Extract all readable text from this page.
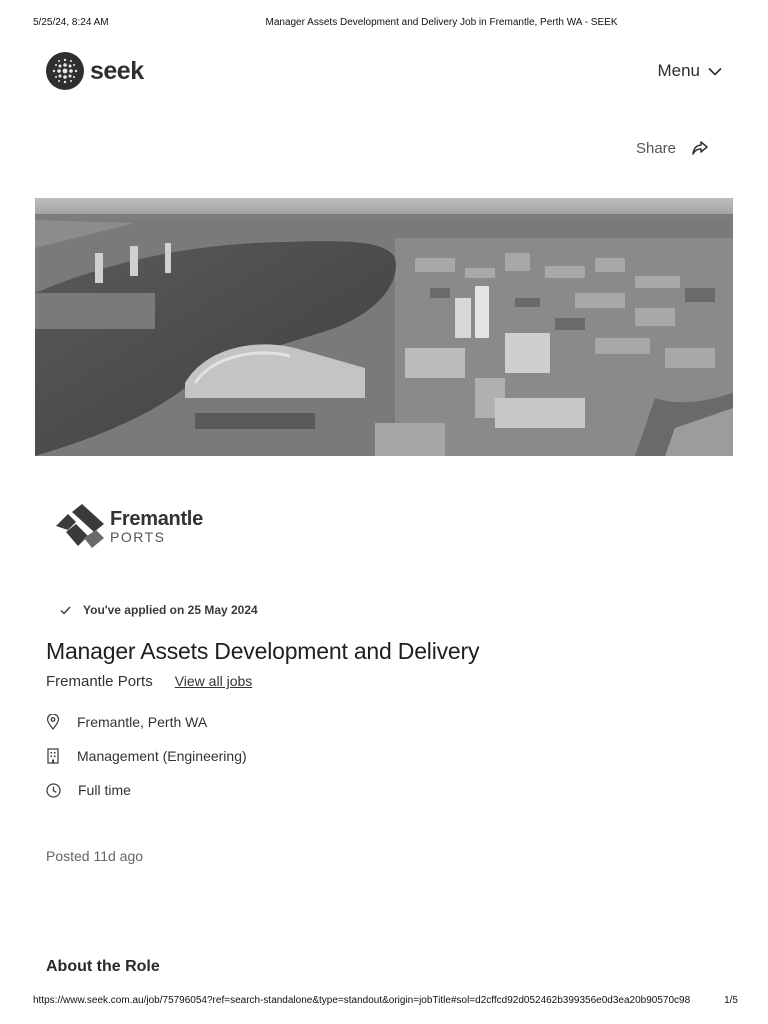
5/25/24, 8:24 AM	Manager Assets Development and Delivery Job in Fremantle, Perth WA - SEEK
seek	Menu
Share
Fremantle
PORTS
You've applied on 25 May 2024
Manager Assets Development and Delivery
Fremantle Ports View all jobs
Fremantle, Perth WA
Management (Engineering)
Full time
Posted 11d ago
About the Role
https://www.seek.com.au/job/75796054?ref=search-standalone&type=standout&origin=jobTitle#sol=d2cffcd92d052462b399356e0d3ea20b90570c98	1/5
